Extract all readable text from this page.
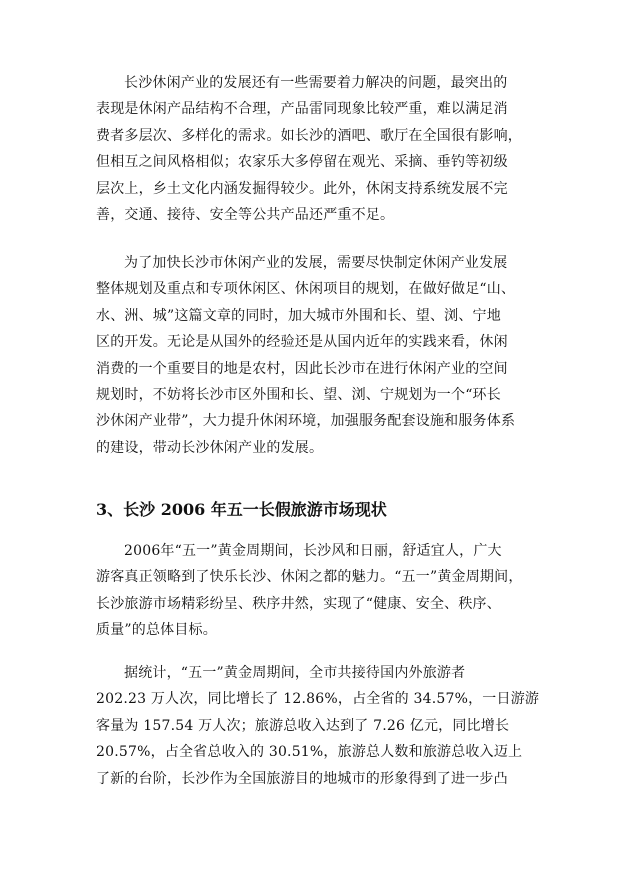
长沙休闲产业的发展还有一些需要着力解决的问题，最突出的
表现是休闲产品结构不合理，产品雷同现象比较严重，难以满足消
费者多层次、多样化的需求。如长沙的酒吧、歌厅在全国很有影响，
但相互之间风格相似；农家乐大多停留在观光、采摘、垂钓等初级
层次上，乡土文化内涵发掘得较少。此外，休闲支持系统发展不完
善，交通、接待、安全等公共产品还严重不足。
为了加快长沙市休闲产业的发展，需要尽快制定休闲产业发展
整体规划及重点和专项休闲区、休闲项目的规划，在做好做足“山、
水、洲、城”这篇文章的同时，加大城市外围和长、望、浏、宁地
区的开发。无论是从国外的经验还是从国内近年的实践来看，休闲
消费的一个重要目的地是农村，因此长沙市在进行休闲产业的空间
规划时，不妨将长沙市区外围和长、望、浏、宁规划为一个“环长
沙休闲产业带”，大力提升休闲环境，加强服务配套设施和服务体系
的建设，带动长沙休闲产业的发展。
3、长沙 2006 年五一长假旅游市场现状
2006年“五一”黄金周期间，长沙风和日丽，舒适宜人，广大
游客真正领略到了快乐长沙、休闲之都的魅力。“五一”黄金周期间，
长沙旅游市场精彩纷呈、秩序井然，实现了“健康、安全、秩序、
质量”的总体目标。
据统计，“五一”黄金周期间，全市共接待国内外旅游者
202.23 万人次，同比增长了 12.86%，占全省的 34.57%，一日游游
客量为 157.54 万人次；旅游总收入达到了 7.26 亿元，同比增长
20.57%，占全省总收入的 30.51%，旅游总人数和旅游总收入迈上
了新的台阶，长沙作为全国旅游目的地城市的形象得到了进一步凸
